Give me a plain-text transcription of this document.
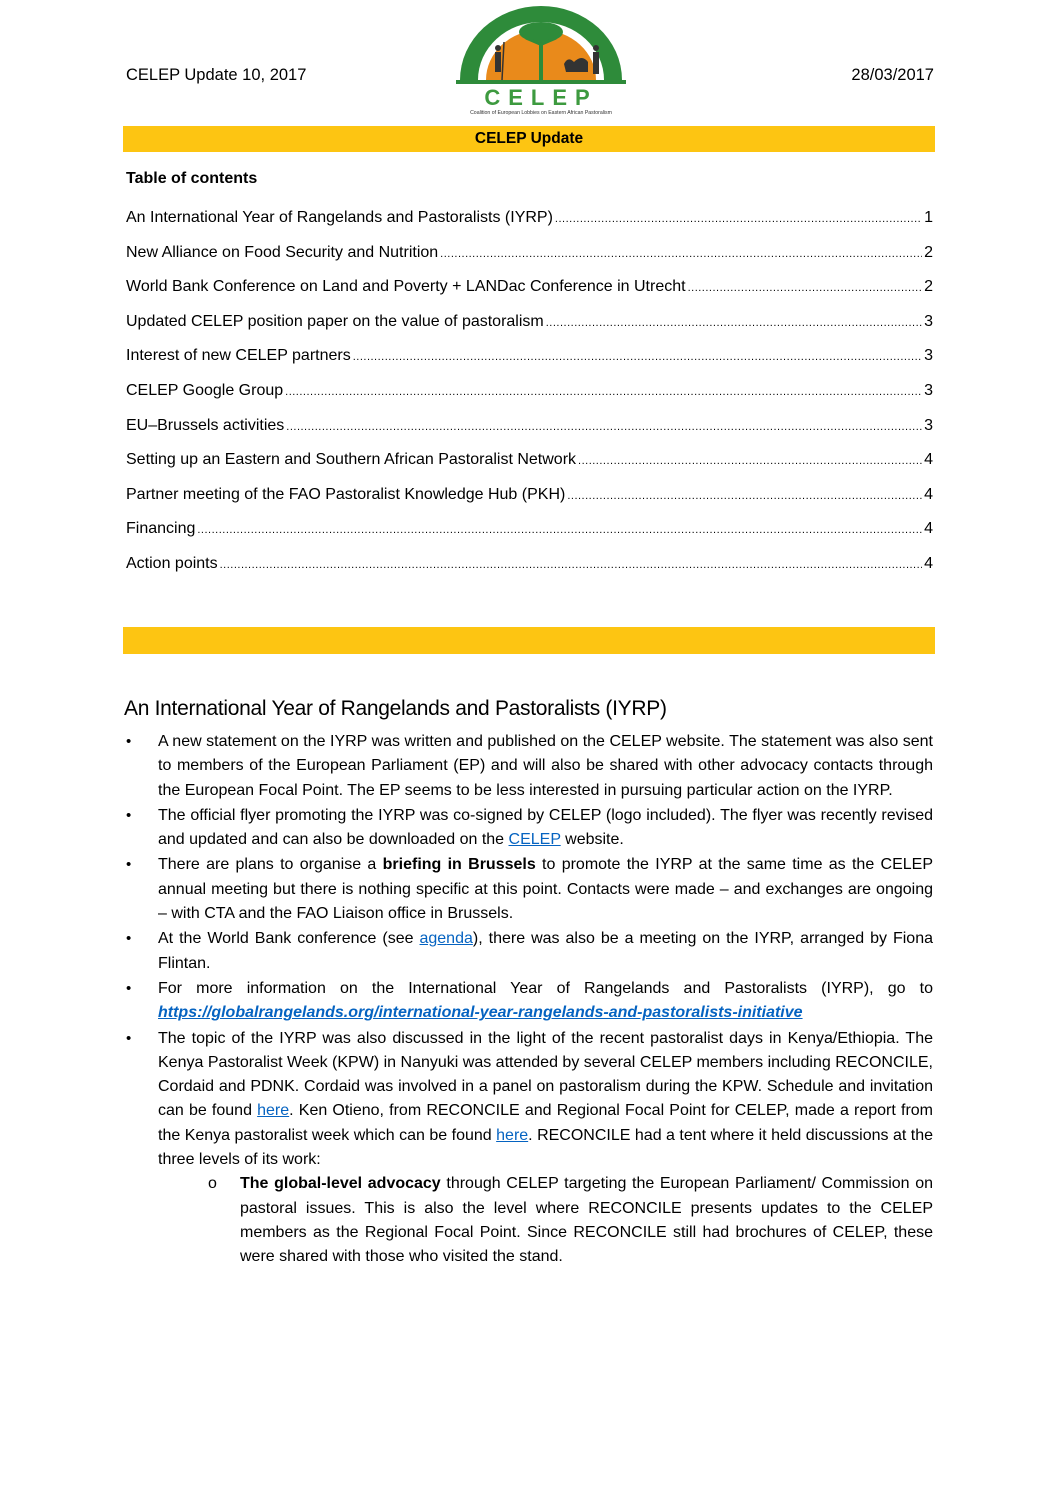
CELEP Update 10, 2017	28/03/2017
CELEP
Coalition of European Lobbies on Eastern African Pastoralism
CELEP Update
Table of contents
An International Year of Rangelands and Pastoralists (IYRP) .....	1
New Alliance on Food Security and Nutrition .....	2
World Bank Conference on Land and Poverty + LANDac Conference in Utrecht .....	2
Updated CELEP position paper on the value of pastoralism .....	3
Interest of new CELEP partners .....	3
CELEP Google Group .....	3
EU–Brussels activities .....	3
Setting up an Eastern and Southern African Pastoralist Network .....	4
Partner meeting of the FAO Pastoralist Knowledge Hub (PKH) .....	4
Financing .....	4
Action points .....	4
An International Year of Rangelands and Pastoralists (IYRP)
• A new statement on the IYRP was written and published on the CELEP website. The statement was also sent to members of the European Parliament (EP) and will also be shared with other advocacy contacts through the European Focal Point. The EP seems to be less interested in pursuing particular action on the IYRP.
• The official flyer promoting the IYRP was co-signed by CELEP (logo included). The flyer was recently revised and updated and can also be downloaded on the CELEP website.
• There are plans to organise a briefing in Brussels to promote the IYRP at the same time as the CELEP annual meeting but there is nothing specific at this point. Contacts were made – and exchanges are ongoing – with CTA and the FAO Liaison office in Brussels.
• At the World Bank conference (see agenda), there was also be a meeting on the IYRP, arranged by Fiona Flintan.
• For more information on the International Year of Rangelands and Pastoralists (IYRP), go to https://globalrangelands.org/international-year-rangelands-and-pastoralists-initiative
• The topic of the IYRP was also discussed in the light of the recent pastoralist days in Kenya/Ethiopia. The Kenya Pastoralist Week (KPW) in Nanyuki was attended by several CELEP members including RECONCILE, Cordaid and PDNK. Cordaid was involved in a panel on pastoralism during the KPW. Schedule and invitation can be found here. Ken Otieno, from RECONCILE and Regional Focal Point for CELEP, made a report from the Kenya pastoralist week which can be found here. RECONCILE had a tent where it held discussions at the three levels of its work:
o The global-level advocacy through CELEP targeting the European Parliament/ Commission on pastoral issues. This is also the level where RECONCILE presents updates to the CELEP members as the Regional Focal Point. Since RECONCILE still had brochures of CELEP, these were shared with those who visited the stand.
